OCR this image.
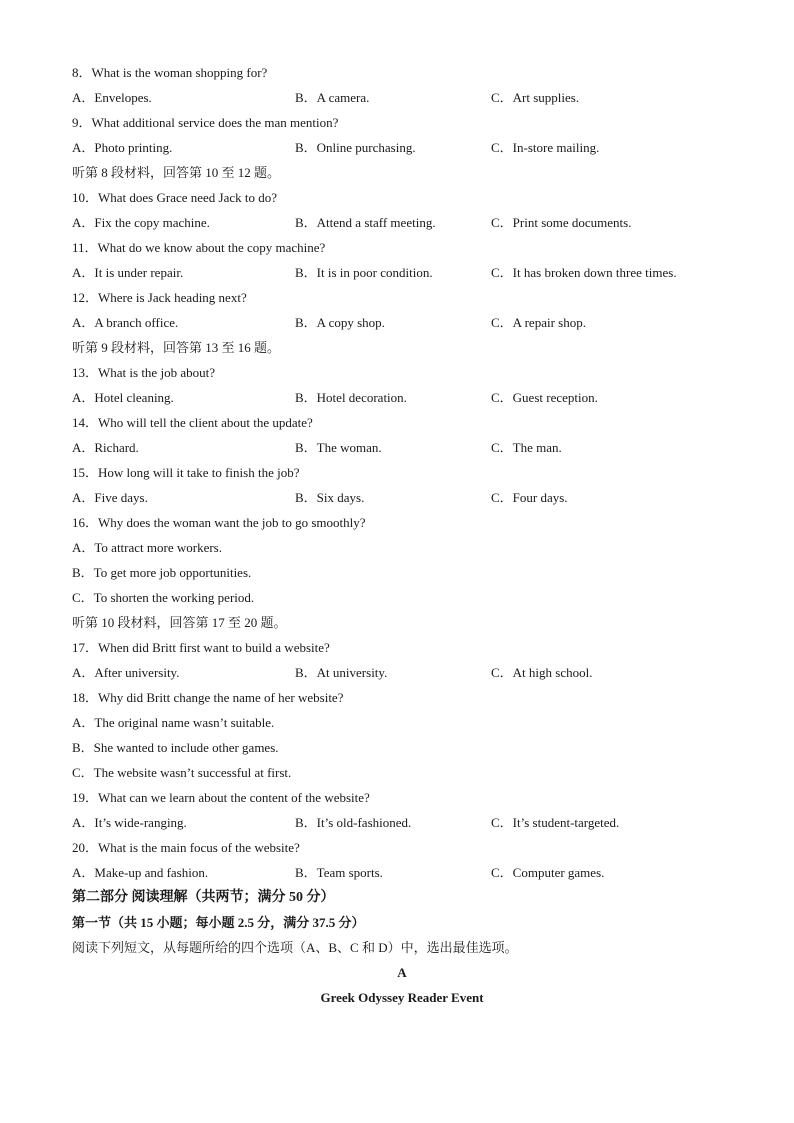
8．What is the woman shopping for?
A．Envelopes.	B．A camera.	C．Art supplies.
9．What additional service does the man mention?
A．Photo printing.	B．Online purchasing.	C．In-store mailing.
听第 8 段材料，回答第 10 至 12 题。
10．What does Grace need Jack to do?
A．Fix the copy machine.	B．Attend a staff meeting.	C．Print some documents.
11．What do we know about the copy machine?
A．It is under repair.	B．It is in poor condition.	C．It has broken down three times.
12．Where is Jack heading next?
A．A branch office.	B．A copy shop.	C．A repair shop.
听第 9 段材料，回答第 13 至 16 题。
13．What is the job about?
A．Hotel cleaning.	B．Hotel decoration.	C．Guest reception.
14．Who will tell the client about the update?
A．Richard.	B．The woman.	C．The man.
15．How long will it take to finish the job?
A．Five days.	B．Six days.	C．Four days.
16．Why does the woman want the job to go smoothly?
A．To attract more workers.
B．To get more job opportunities.
C．To shorten the working period.
听第 10 段材料，回答第 17 至 20 题。
17．When did Britt first want to build a website?
A．After university.	B．At university.	C．At high school.
18．Why did Britt change the name of her website?
A．The original name wasn’t suitable.
B．She wanted to include other games.
C．The website wasn’t successful at first.
19．What can we learn about the content of the website?
A．It’s wide-ranging.	B．It’s old-fashioned.	C．It’s student-targeted.
20．What is the main focus of the website?
A．Make-up and fashion.	B．Team sports.	C．Computer games.
第二部分 阅读理解（共两节；满分 50 分）
第一节（共 15 小题；每小题 2.5 分，满分 37.5 分）
阅读下列短文，从每题所给的四个选项（A、B、C 和 D）中，选出最佳选项。
A
Greek Odyssey Reader Event
